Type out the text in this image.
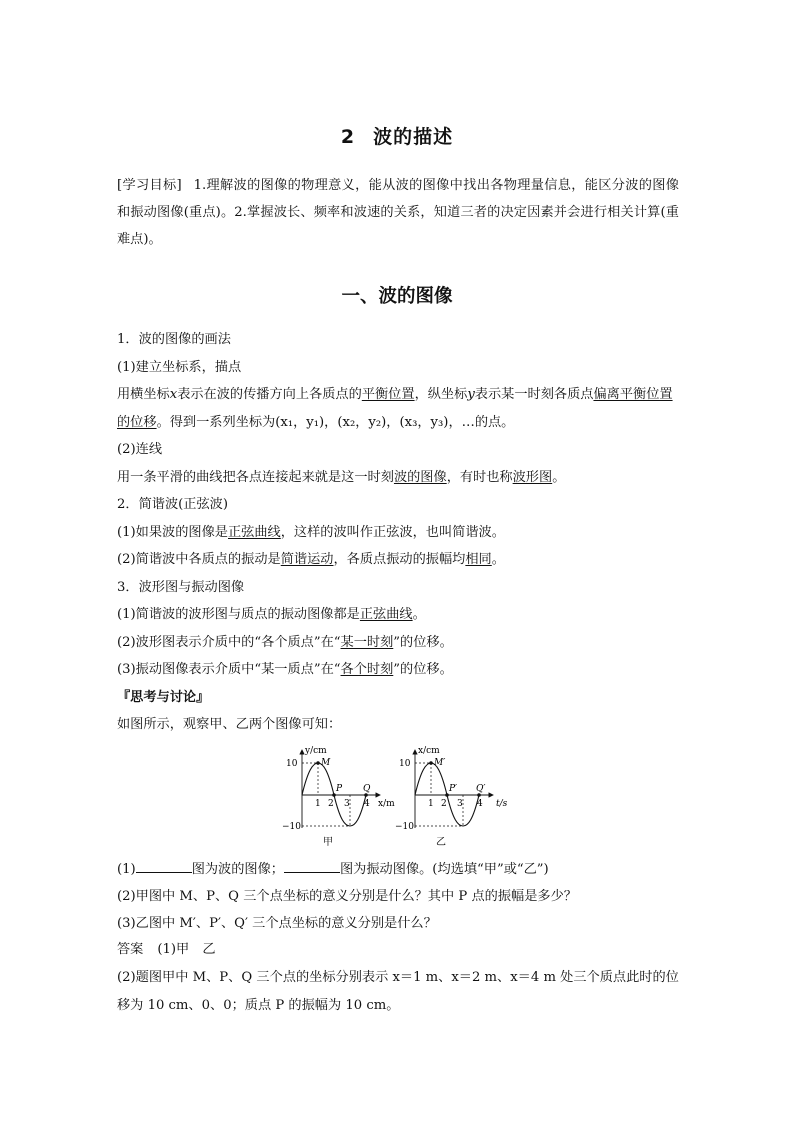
2 波的描述
[学习目标] 1.理解波的图像的物理意义，能从波的图像中找出各物理量信息，能区分波的图像和振动图像(重点)。2.掌握波长、频率和波速的关系，知道三者的决定因素并会进行相关计算(重难点)。
一、波的图像

1．波的图像的画法

(1)建立坐标系，描点

用横坐标x表示在波的传播方向上各质点的平衡位置，纵坐标y表示某一时刻各质点偏离平衡位置的位移。得到一系列坐标为(x₁，y₁)，(x₂，y₂)，(x₃，y₃)，…的点。

(2)连线

用一条平滑的曲线把各点连接起来就是这一时刻波的图像，有时也称波形图。

2．简谐波(正弦波)

(1)如果波的图像是正弦曲线，这样的波叫作正弦波，也叫简谐波。

(2)简谐波中各质点的振动是简谐运动，各质点振动的振幅均相同。

3．波形图与振动图像

(1)简谐波的波形图与质点的振动图像都是正弦曲线。

(2)波形图表示介质中的“各个质点”在“某一时刻”的位移。

(3)振动图像表示介质中“某一质点”在“各个时刻”的位移。

『思考与讨论』

如图所示，观察甲、乙两个图像可知：

y/cm
x/m
10
−10
M
P Q
1 2 3 4
甲
x/cm
t/s
10
−10
M′
P′ Q′
1 2 3 4
乙

(1)	图为波的图像；	图为振动图像。(均选填“甲”或“乙”)

(2)甲图中 M、P、Q 三个点坐标的意义分别是什么？其中 P 点的振幅是多少？

(3)乙图中 M′、P′、Q′ 三个点坐标的意义分别是什么？

答案 (1)甲　乙

(2)题图甲中 M、P、Q 三个点的坐标分别表示 x＝1 m、x＝2 m、x＝4 m 处三个质点此时的位移为 10 cm、0、0；质点 P 的振幅为 10 cm。
